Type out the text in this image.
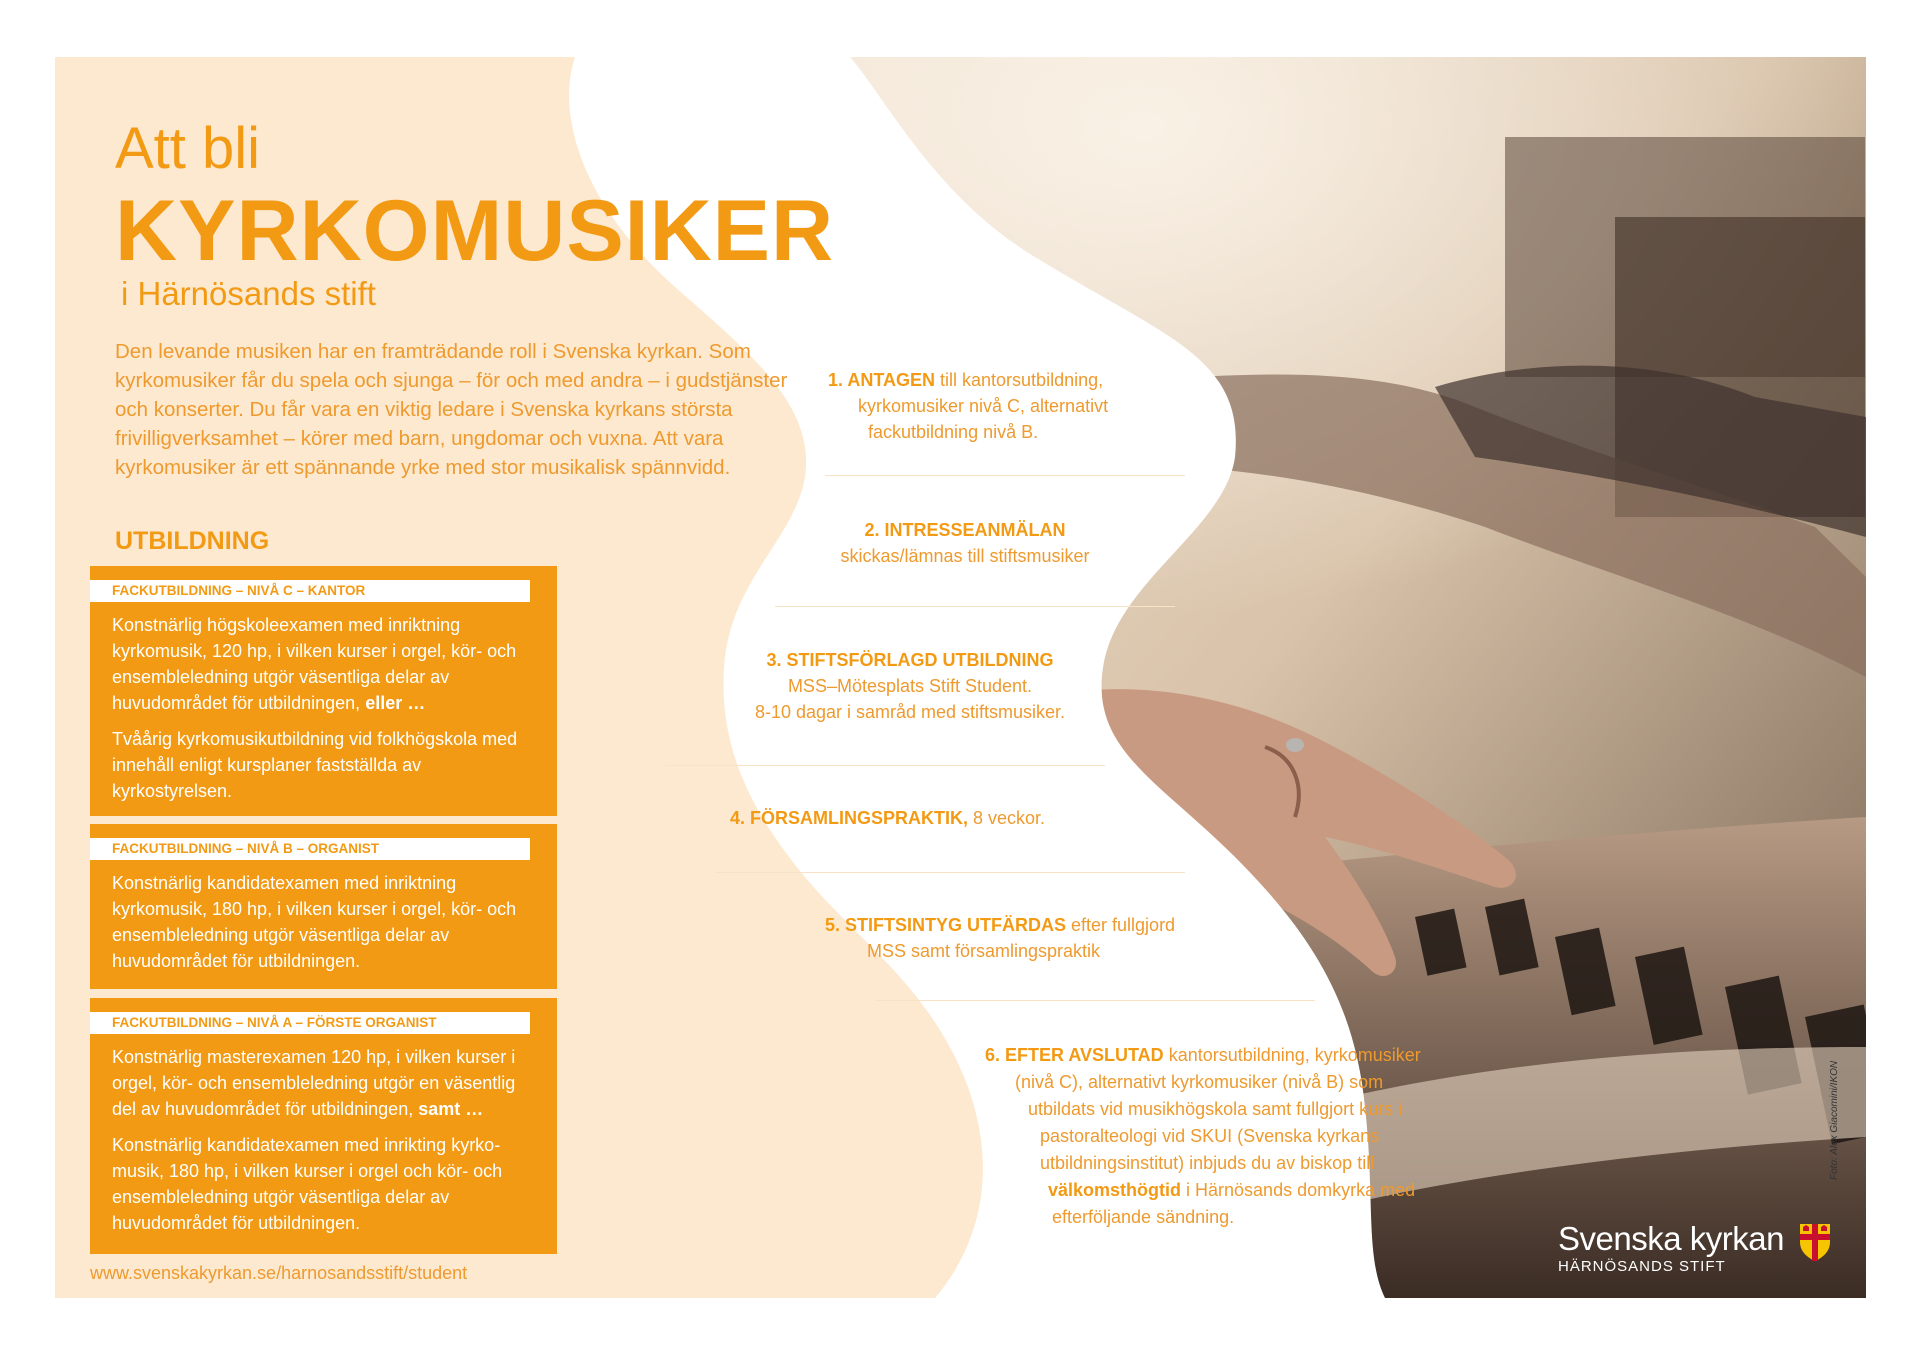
Att bli
KYRKOMUSIKER
i Härnösands stift
Den levande musiken har en framträdande roll i Svenska kyrkan. Som kyrkomusiker får du spela och sjunga – för och med andra – i gudstjänster och konserter. Du får vara en viktig ledare i Svenska kyrkans största frivilligverksamhet – körer med barn, ungdomar och vuxna. Att vara kyrkomusiker är ett spännande yrke med stor musikalisk spännvidd.
UTBILDNING
FACKUTBILDNING – NIVÅ C – KANTOR

Konstnärlig högskoleexamen med inriktning kyrkomusik, 120 hp, i vilken kurser i orgel, kör- och ensembleledning utgör väsentliga delar av huvudområdet för utbildningen, eller …

Tvåårig kyrkomusikutbildning vid folkhögskola med innehåll enligt kursplaner fastställda av kyrkostyrelsen.

FACKUTBILDNING – NIVÅ B – ORGANIST

Konstnärlig kandidatexamen med inriktning kyrkomusik, 180 hp, i vilken kurser i orgel, kör- och ensembleledning utgör väsentliga delar av huvudområdet för utbildningen.

FACKUTBILDNING – NIVÅ A – FÖRSTE ORGANIST

Konstnärlig masterexamen 120 hp, i vilken kurser i orgel, kör- och ensembleledning utgör en väsentlig del av huvudområdet för utbildningen, samt …

Konstnärlig kandidatexamen med inrikting kyrko-musik, 180 hp, i vilken kurser i orgel och kör- och ensembleledning utgör väsentliga delar av huvudområdet för utbildningen.

www.svenskakyrkan.se/harnosandsstift/student
1. ANTAGEN till kantorsutbildning,
kyrkomusiker nivå C, alternativt
fackutbildning nivå B.
2. INTRESSEANMÄLAN
skickas/lämnas till stiftsmusiker
3. STIFTSFÖRLAGD UTBILDNING
MSS–Mötesplats Stift Student.
8-10 dagar i samråd med stiftsmusiker.
4. FÖRSAMLINGSPRAKTIK, 8 veckor.
5. STIFTSINTYG UTFÄRDAS efter fullgjord
MSS samt församlingspraktik
6. EFTER AVSLUTAD kantorsutbildning, kyrkomusiker
(nivå C), alternativt kyrkomusiker (nivå B) som
utbildats vid musikhögskola samt fullgjort kurs i
pastoralteologi vid SKUI (Svenska kyrkans
utbildningsinstitut) inbjuds du av biskop till
välkomsthögtid i Härnösands domkyrka med
efterföljande sändning.
Svenska kyrkan
HÄRNÖSANDS STIFT
Foto: Alex Giacomini/IKON
